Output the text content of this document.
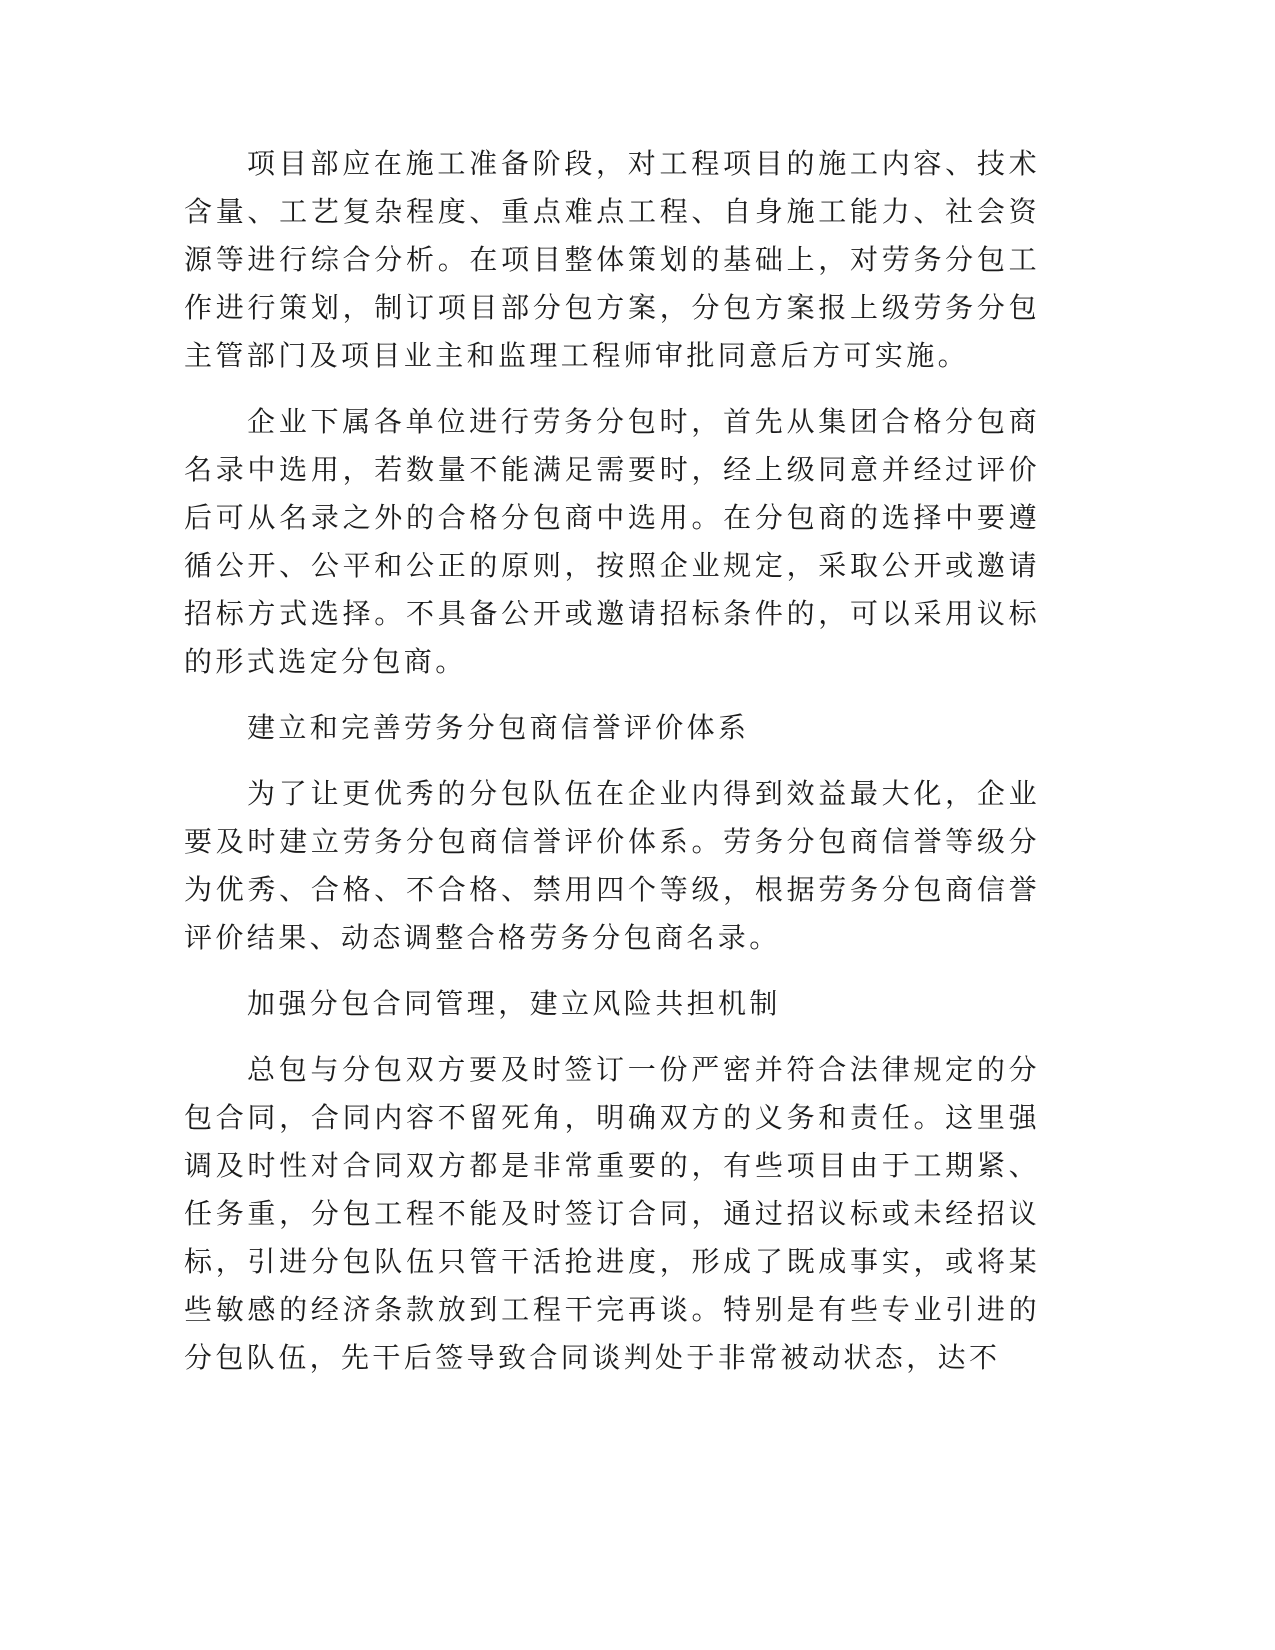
项目部应在施工准备阶段，对工程项目的施工内容、技术含量、工艺复杂程度、重点难点工程、自身施工能力、社会资源等进行综合分析。在项目整体策划的基础上，对劳务分包工作进行策划，制订项目部分包方案，分包方案报上级劳务分包主管部门及项目业主和监理工程师审批同意后方可实施。

企业下属各单位进行劳务分包时，首先从集团合格分包商名录中选用，若数量不能满足需要时，经上级同意并经过评价后可从名录之外的合格分包商中选用。在分包商的选择中要遵循公开、公平和公正的原则，按照企业规定，采取公开或邀请招标方式选择。不具备公开或邀请招标条件的，可以采用议标的形式选定分包商。

建立和完善劳务分包商信誉评价体系

为了让更优秀的分包队伍在企业内得到效益最大化，企业要及时建立劳务分包商信誉评价体系。劳务分包商信誉等级分为优秀、合格、不合格、禁用四个等级，根据劳务分包商信誉评价结果、动态调整合格劳务分包商名录。

加强分包合同管理，建立风险共担机制

总包与分包双方要及时签订一份严密并符合法律规定的分包合同，合同内容不留死角，明确双方的义务和责任。这里强调及时性对合同双方都是非常重要的，有些项目由于工期紧、任务重，分包工程不能及时签订合同，通过招议标或未经招议标，引进分包队伍只管干活抢进度，形成了既成事实，或将某些敏感的经济条款放到工程干完再谈。特别是有些专业引进的分包队伍，先干后签导致合同谈判处于非常被动状态，达不
